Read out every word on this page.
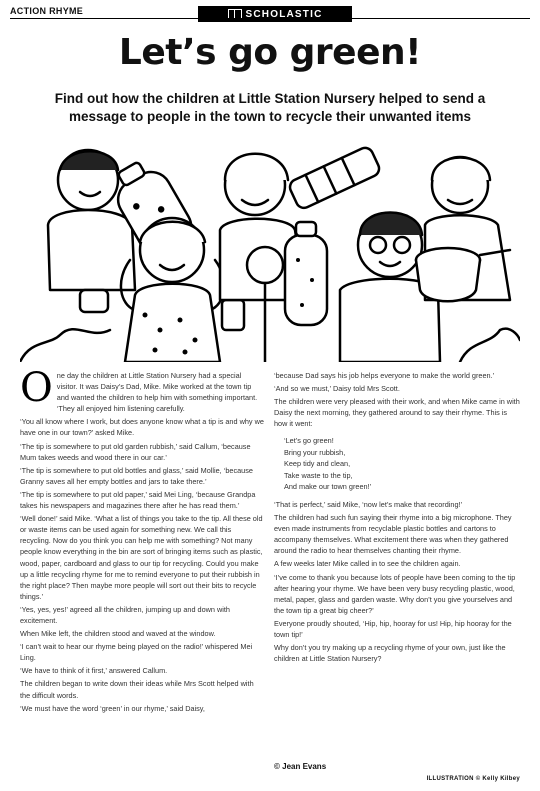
ACTION RHYME	SCHOLASTIC
Let’s go green!

Find out how the children at Little Station Nursery helped to send a message to people in the town to recycle their unwanted items

O ne day the children at Little Station Nursery had a special visitor. It was Daisy’s Dad, Mike. Mike worked at the town tip and wanted the children to help him with something important. ‘They all enjoyed him listening carefully.

‘You all know where I work, but does anyone know what a tip is and why we have one in our town?’ asked Mike.

‘The tip is somewhere to put old garden rubbish,’ said Callum, ‘because Mum takes weeds and wood there in our car.’

‘The tip is somewhere to put old bottles and glass,’ said Mollie, ‘because Granny saves all her empty bottles and jars to take there.’

‘The tip is somewhere to put old paper,’ said Mei Ling, ‘because Grandpa takes his newspapers and magazines there after he has read them.’

‘Well done!’ said Mike. ‘What a list of things you take to the tip. All these old or waste items can be used again for something new. We call this recycling. Now do you think you can help me with something? Not many people know everything in the bin are sort of bringing items such as plastic, wood, paper, cardboard and glass to our tip for recycling. Could you make up a little recycling rhyme for me to remind everyone to put their rubbish in the right place? Then maybe more people will sort out their bits to recycle things.’

‘Yes, yes, yes!’ agreed all the children, jumping up and down with excitement.

When Mike left, the children stood and waved at the window.

‘I can’t wait to hear our rhyme being played on the radio!’ whispered Mei Ling.

‘We have to think of it first,’ answered Callum.

The children began to write down their ideas while Mrs Scott helped with the difficult words.

‘We must have the word ‘green’ in our rhyme,’ said Daisy,

‘because Dad says his job helps everyone to make the world green.’

‘And so we must,’ Daisy told Mrs Scott.

The children were very pleased with their work, and when Mike came in with Daisy the next morning, they gathered around to say their rhyme. This is how it went:

‘Let’s go green!
Bring your rubbish,
Keep tidy and clean,
Take waste to the tip,
And make our town green!’

‘That is perfect,’ said Mike, ‘now let’s make that recording!’

The children had such fun saying their rhyme into a big microphone. They even made instruments from recyclable plastic bottles and cartons to accompany themselves. What excitement there was when they gathered around the radio to hear themselves chanting their rhyme.

A few weeks later Mike called in to see the children again.

‘I’ve come to thank you because lots of people have been coming to the tip after hearing your rhyme. We have been very busy recycling plastic, wood, metal, paper, glass and garden waste. Why don’t you give yourselves and the town tip a great big cheer?’

Everyone proudly shouted, ‘Hip, hip, hooray for us! Hip, hip hooray for the town tip!’

Why don’t you try making up a recycling rhyme of your own, just like the children at Little Station Nursery?

© Jean Evans
ILLUSTRATION © Kelly Kilbey
